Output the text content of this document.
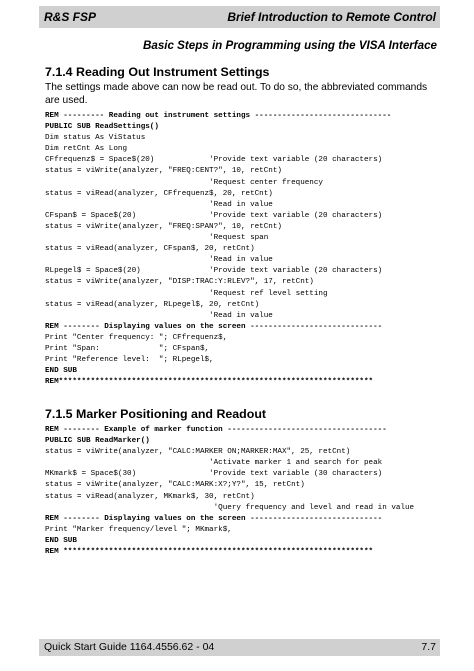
R&S FSP	Brief Introduction to Remote Control
Basic Steps in Programming using the VISA Interface
7.1.4 Reading Out Instrument Settings
The settings made above can now be read out. To do so, the abbreviated commands are used.
REM --------- Reading out instrument settings ------------------------------
PUBLIC SUB ReadSettings()
Dim status As ViStatus
Dim retCnt As Long
CFfrequenz$ = Space$(20)            'Provide text variable (20 characters)
status = viWrite(analyzer, "FREQ:CENT?", 10, retCnt)
'Request center frequency
status = viRead(analyzer, CFfrequenz$, 20, retCnt)
'Read in value
CFspan$ = Space$(20)                'Provide text variable (20 characters)
status = viWrite(analyzer, "FREQ:SPAN?", 10, retCnt)
'Request span
status = viRead(analyzer, CFspan$, 20, retCnt)
'Read in value
RLpegel$ = Space$(20)               'Provide text variable (20 characters)
status = viWrite(analyzer, "DISP:TRAC:Y:RLEV?", 17, retCnt)
'Request ref level setting
status = viRead(analyzer, RLpegel$, 20, retCnt)
'Read in value
REM -------- Displaying values on the screen -----------------------------
Print "Center frequency: "; CFfrequenz$,
Print "Span:             "; CFspan$,
Print "Reference level:  "; RLpegel$,
END SUB
REM*********************************************************************
7.1.5 Marker Positioning and Readout
REM -------- Example of marker function -----------------------------------
PUBLIC SUB ReadMarker()
status = viWrite(analyzer, "CALC:MARKER ON;MARKER:MAX", 25, retCnt)
'Activate marker 1 and search for peak
MKmark$ = Space$(30)                'Provide text variable (30 characters)
status = viWrite(analyzer, "CALC:MARK:X?;Y?", 15, retCnt)
status = viRead(analyzer, MKmark$, 30, retCnt)
'Query frequency and level and read in value
REM -------- Displaying values on the screen -----------------------------
Print "Marker frequency/level "; MKmark$,
END SUB
REM ********************************************************************
Quick Start Guide 1164.4556.62 - 04	7.7
